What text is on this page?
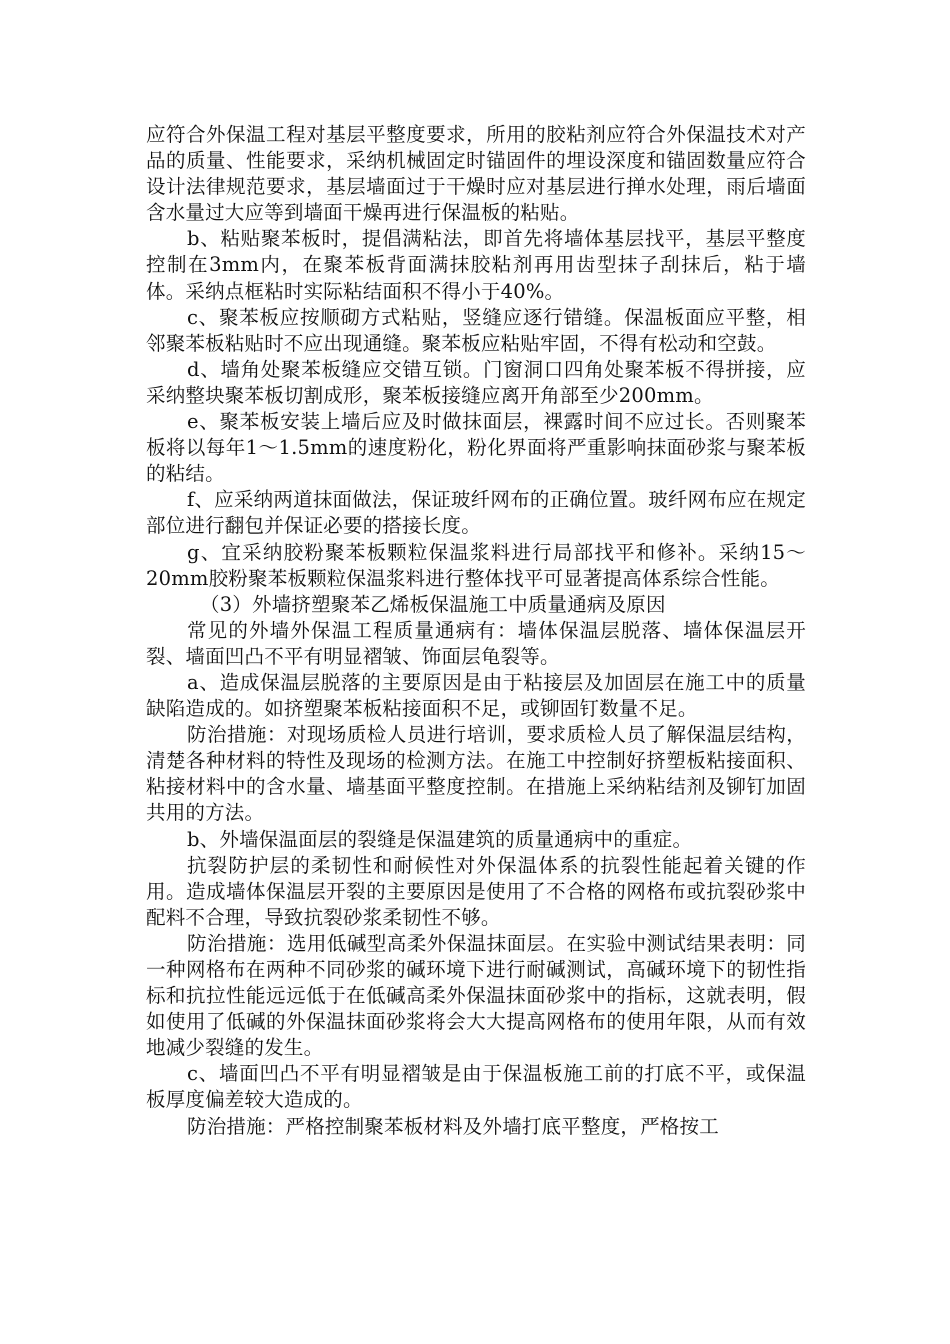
应符合外保温工程对基层平整度要求，所用的胶粘剂应符合外保温技术对产品的质量、性能要求，采纳机械固定时锚固件的埋设深度和锚固数量应符合设计法律规范要求，基层墙面过于干燥时应对基层进行掸水处理，雨后墙面含水量过大应等到墙面干燥再进行保温板的粘贴。

b、粘贴聚苯板时，提倡满粘法，即首先将墙体基层找平，基层平整度控制在3mm内，在聚苯板背面满抹胶粘剂再用齿型抹子刮抹后，粘于墙体。采纳点框粘时实际粘结面积不得小于40%。

c、聚苯板应按顺砌方式粘贴，竖缝应逐行错缝。保温板面应平整，相邻聚苯板粘贴时不应出现通缝。聚苯板应粘贴牢固，不得有松动和空鼓。

d、墙角处聚苯板缝应交错互锁。门窗洞口四角处聚苯板不得拼接，应采纳整块聚苯板切割成形，聚苯板接缝应离开角部至少200mm。

e、聚苯板安装上墙后应及时做抹面层，裸露时间不应过长。否则聚苯板将以每年1～1.5mm的速度粉化，粉化界面将严重影响抹面砂浆与聚苯板的粘结。

f、应采纳两道抹面做法，保证玻纤网布的正确位置。玻纤网布应在规定部位进行翻包并保证必要的搭接长度。

g、宜采纳胶粉聚苯板颗粒保温浆料进行局部找平和修补。采纳15～20mm胶粉聚苯板颗粒保温浆料进行整体找平可显著提高体系综合性能。

（3）外墙挤塑聚苯乙烯板保温施工中质量通病及原因

常见的外墙外保温工程质量通病有：墙体保温层脱落、墙体保温层开裂、墙面凹凸不平有明显褶皱、饰面层龟裂等。

a、造成保温层脱落的主要原因是由于粘接层及加固层在施工中的质量缺陷造成的。如挤塑聚苯板粘接面积不足，或铆固钉数量不足。

防治措施：对现场质检人员进行培训，要求质检人员了解保温层结构，清楚各种材料的特性及现场的检测方法。在施工中控制好挤塑板粘接面积、粘接材料中的含水量、墙基面平整度控制。在措施上采纳粘结剂及铆钉加固共用的方法。

b、外墙保温面层的裂缝是保温建筑的质量通病中的重症。

抗裂防护层的柔韧性和耐候性对外保温体系的抗裂性能起着关键的作用。造成墙体保温层开裂的主要原因是使用了不合格的网格布或抗裂砂浆中配料不合理，导致抗裂砂浆柔韧性不够。

防治措施：选用低碱型高柔外保温抹面层。在实验中测试结果表明：同一种网格布在两种不同砂浆的碱环境下进行耐碱测试，高碱环境下的韧性指标和抗拉性能远远低于在低碱高柔外保温抹面砂浆中的指标，这就表明，假如使用了低碱的外保温抹面砂浆将会大大提高网格布的使用年限，从而有效地减少裂缝的发生。

c、墙面凹凸不平有明显褶皱是由于保温板施工前的打底不平，或保温板厚度偏差较大造成的。

防治措施：严格控制聚苯板材料及外墙打底平整度，严格按工
